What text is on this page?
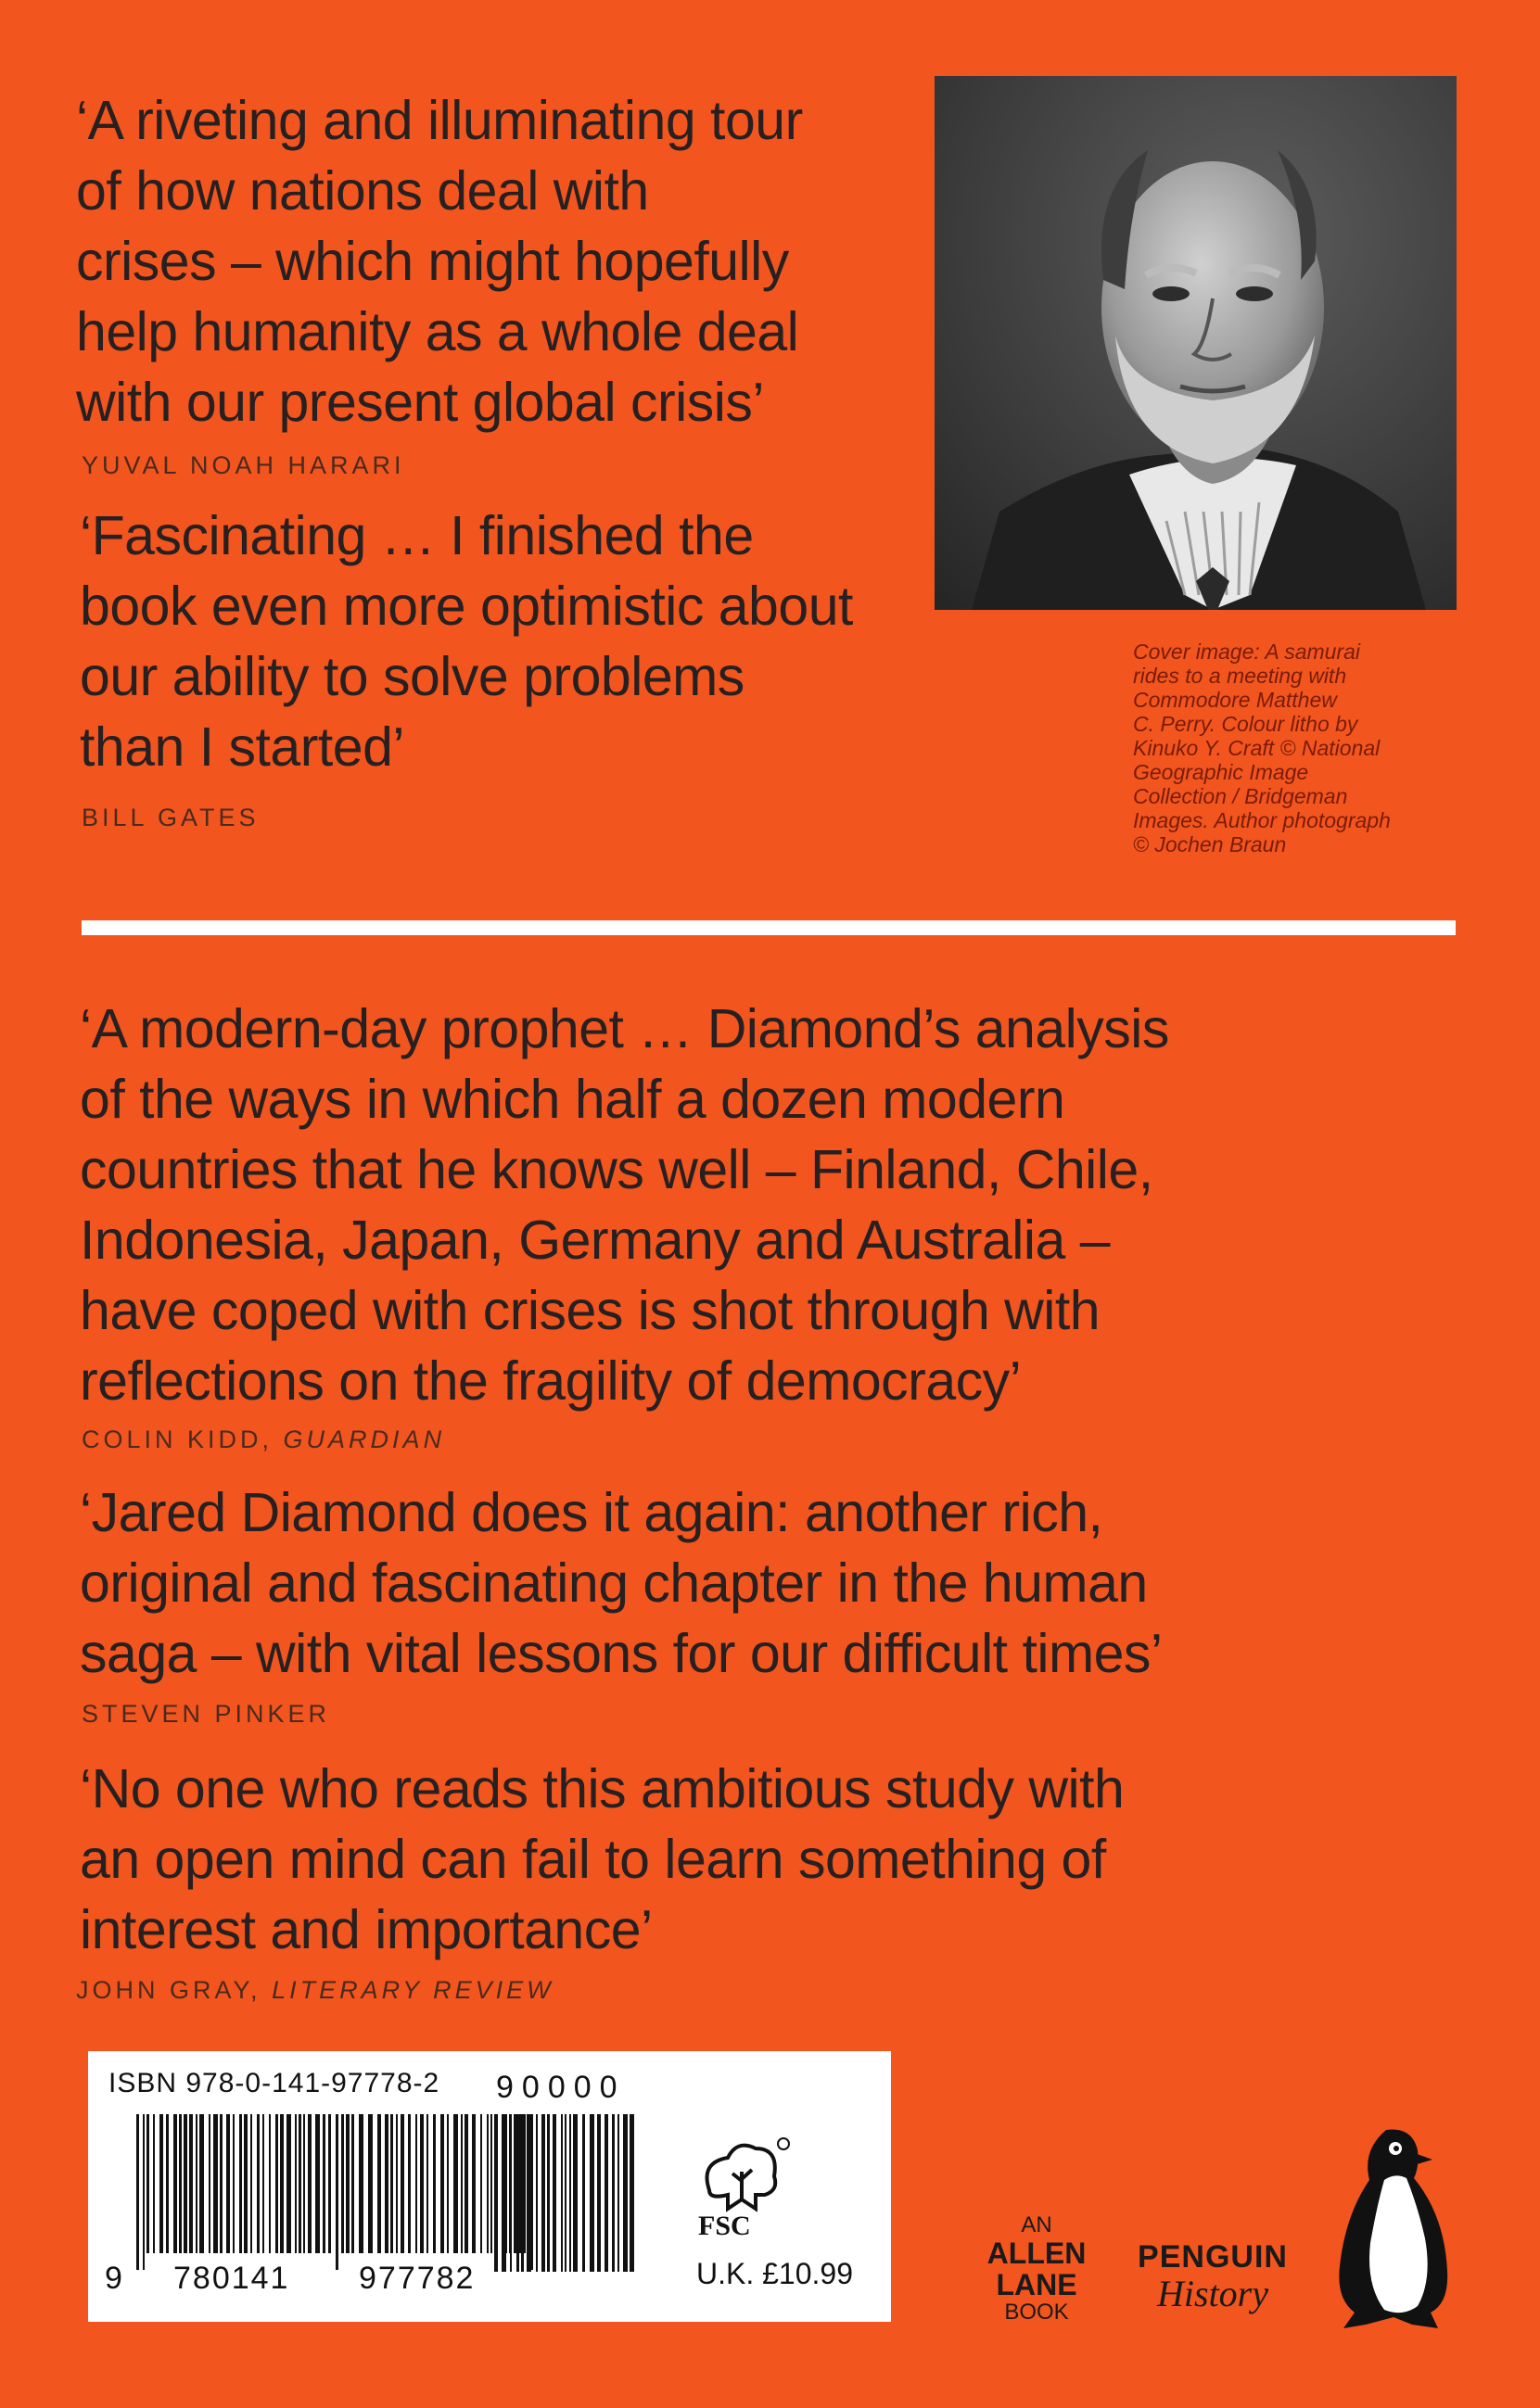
‘A riveting and illuminating tour
of how nations deal with
crises – which might hopefully
help humanity as a whole deal
with our present global crisis’
YUVAL NOAH HARARI
‘Fascinating … I finished the
book even more optimistic about
our ability to solve problems
than I started’
BILL GATES
Cover image: A samurai
rides to a meeting with
Commodore Matthew
C. Perry. Colour litho by
Kinuko Y. Craft © National
Geographic Image
Collection / Bridgeman
Images. Author photograph
© Jochen Braun
‘A modern-day prophet … Diamond’s analysis
of the ways in which half a dozen modern
countries that he knows well – Finland, Chile,
Indonesia, Japan, Germany and Australia –
have coped with crises is shot through with
reflections on the fragility of democracy’
COLIN KIDD, GUARDIAN
‘Jared Diamond does it again: another rich,
original and fascinating chapter in the human
saga – with vital lessons for our difficult times’
STEVEN PINKER
‘No one who reads this ambitious study with
an open mind can fail to learn something of
interest and importance’
JOHN GRAY, LITERARY REVIEW
ISBN 978-0-141-97778-2
9 780141 977782
90000
FSC
U.K. £10.99
AN
ALLEN
LANE
BOOK
PENGUIN
History
